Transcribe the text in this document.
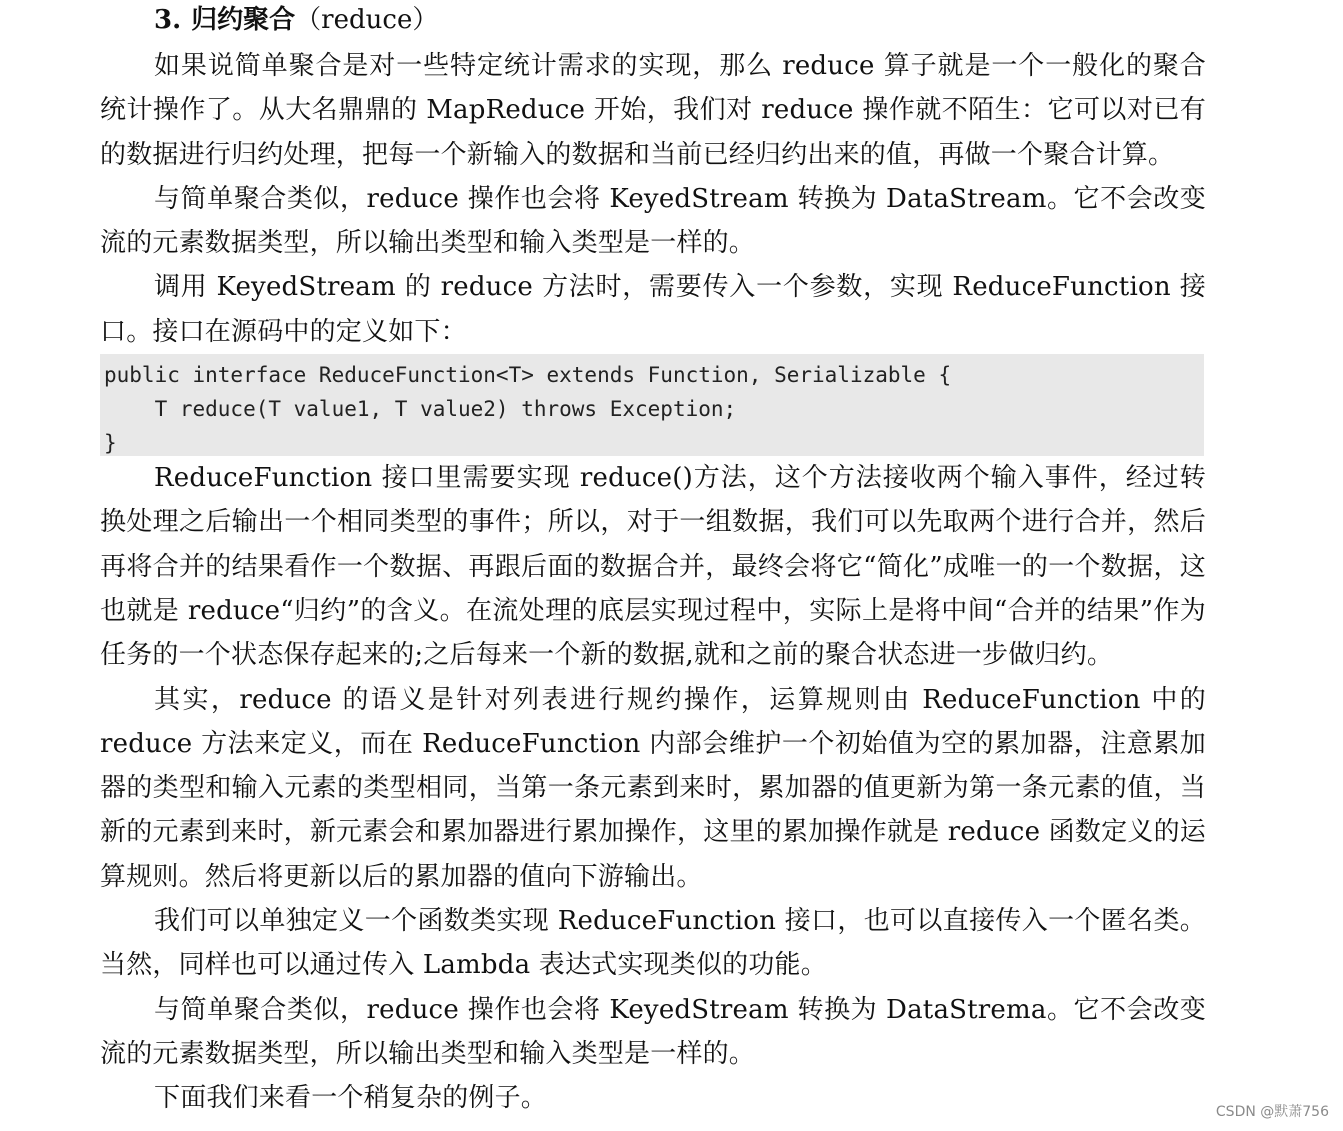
3. 归约聚合（reduce）

如果说简单聚合是对一些特定统计需求的实现，那么 reduce 算子就是一个一般化的聚合统计操作了。从大名鼎鼎的 MapReduce 开始，我们对 reduce 操作就不陌生：它可以对已有的数据进行归约处理，把每一个新输入的数据和当前已经归约出来的值，再做一个聚合计算。

与简单聚合类似，reduce 操作也会将 KeyedStream 转换为 DataStream。它不会改变流的元素数据类型，所以输出类型和输入类型是一样的。

调用 KeyedStream 的 reduce 方法时，需要传入一个参数，实现 ReduceFunction 接口。接口在源码中的定义如下：

public interface ReduceFunction<T> extends Function, Serializable {
T reduce(T value1, T value2) throws Exception;
}

ReduceFunction 接口里需要实现 reduce()方法，这个方法接收两个输入事件，经过转换处理之后输出一个相同类型的事件；所以，对于一组数据，我们可以先取两个进行合并，然后再将合并的结果看作一个数据、再跟后面的数据合并，最终会将它“简化”成唯一的一个数据，这也就是 reduce“归约”的含义。在流处理的底层实现过程中，实际上是将中间“合并的结果”作为任务的一个状态保存起来的;之后每来一个新的数据,就和之前的聚合状态进一步做归约。

其实，reduce 的语义是针对列表进行规约操作，运算规则由 ReduceFunction 中的 reduce 方法来定义，而在 ReduceFunction 内部会维护一个初始值为空的累加器，注意累加器的类型和输入元素的类型相同，当第一条元素到来时，累加器的值更新为第一条元素的值，当新的元素到来时，新元素会和累加器进行累加操作，这里的累加操作就是 reduce 函数定义的运算规则。然后将更新以后的累加器的值向下游输出。

我们可以单独定义一个函数类实现 ReduceFunction 接口，也可以直接传入一个匿名类。当然，同样也可以通过传入 Lambda 表达式实现类似的功能。

与简单聚合类似，reduce 操作也会将 KeyedStream 转换为 DataStrema。它不会改变流的元素数据类型，所以输出类型和输入类型是一样的。

下面我们来看一个稍复杂的例子。	CSDN @默萧756
